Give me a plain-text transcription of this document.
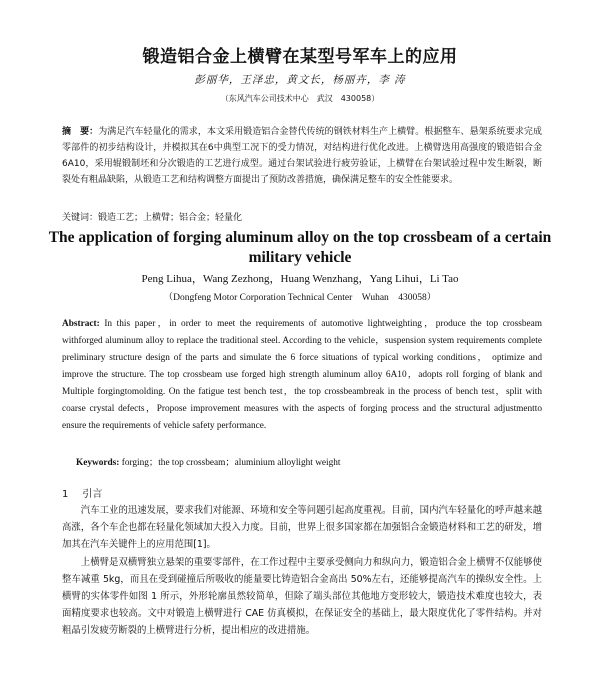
锻造铝合金上横臂在某型号军车上的应用
彭丽华，王泽忠，黄文长，杨丽卉，李 涛
（东风汽车公司技术中心　武汉　430058）
摘　要：为满足汽车轻量化的需求，本文采用锻造铝合金替代传统的钢铁材料生产上横臂。根据整车、悬架系统要求完成零部件的初步结构设计，并模拟其在6中典型工况下的受力情况，对结构进行优化改进。上横臂选用高强度的锻造铝合金 6A10，采用辊锻制坯和分次锻造的工艺进行成型。通过台架试验进行疲劳验证，上横臂在台架试验过程中发生断裂，断裂处有粗晶缺陷，从锻造工艺和结构调整方面提出了预防改善措施，确保满足整车的安全性能要求。
关键词：锻造工艺；上横臂；铝合金；轻量化
The application of forging aluminum alloy on the top crossbeam of a certain military vehicle
Peng Lihua，Wang Zezhong，Huang Wenzhang，Yang Lihui，Li Tao
（Dongfeng Motor Corporation Technical Center　Wuhan　430058）
Abstract: In this paper，in order to meet the requirements of automotive lightweighting，produce the top crossbeam withforged aluminum alloy to replace the traditional steel. According to the vehicle，suspension system requirements complete preliminary structure design of the parts and simulate the 6 force situations of typical working conditions， optimize and improve the structure. The top crossbeam use forged high strength aluminum alloy 6A10，adopts roll forging of blank and Multiple forgingtomolding. On the fatigue test bench test，the top crossbeambreak in the process of bench test，split with coarse crystal defects，Propose improvement measures with the aspects of forging process and the structural adjustmentto ensure the requirements of vehicle safety performance.
Keywords: forging；the top crossbeam；aluminium alloylight weight
1 引言
汽车工业的迅速发展，要求我们对能源、环境和安全等问题引起高度重视。目前，国内汽车轻量化的呼声越来越高涨，各个车企也都在轻量化领域加大投入力度。目前，世界上很多国家都在加强铝合金锻造材料和工艺的研发，增加其在汽车关键件上的应用范围[1]。
上横臂是双横臂独立悬架的重要零部件，在工作过程中主要承受侧向力和纵向力，锻造铝合金上横臂不仅能够使整车减重 5kg，而且在受到碰撞后所吸收的能量要比铸造铝合金高出 50%左右，还能够提高汽车的操纵安全性。上横臂的实体零件如图 1 所示，外形轮廓虽然较简单，但除了端头部位其他地方变形较大，锻造技术难度也较大，表面精度要求也较高。文中对锻造上横臂进行 CAE 仿真模拟，在保证安全的基础上，最大限度优化了零件结构。并对粗晶引发疲劳断裂的上横臂进行分析，提出相应的改进措施。
